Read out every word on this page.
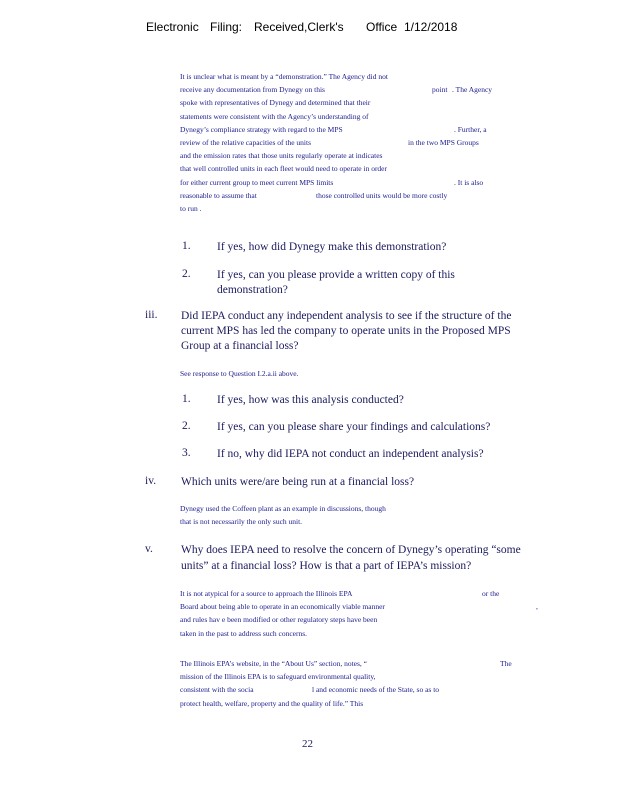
Electronic Filing: Received,Clerk's Office 1/12/2018
It is unclear what is meant by a “demonstration.” The Agency did not
receive any documentation from Dynegy on this	point . The Agency
spoke with representatives of Dynegy and determined that their
statements were consistent with the Agency’s understanding of
Dynegy’s compliance strategy with regard to the MPS	. Further, a
review of the relative capacities of the units	in the two MPS Groups
and the emission rates that those units regularly operate at indicates
that well controlled units in each fleet would need to operate in order
for either current group to meet current MPS limits	. It is also
reasonable to assume that	those controlled units would be more costly
to run .
1. If yes, how did Dynegy make this demonstration?
2. If yes, can you please provide a written copy of this
demonstration?
iii. Did IEPA conduct any independent analysis to see if the structure of the
current MPS has led the company to operate units in the Proposed MPS
Group at a financial loss?
See response to Question I.2.a.ii above.
1. If yes, how was this analysis conducted?
2. If yes, can you please share your findings and calculations?
3. If no, why did IEPA not conduct an independent analysis?
iv. Which units were/are being run at a financial loss?
Dynegy used the Coffeen plant as an example in discussions, though
that is not necessarily the only such unit.
v. Why does IEPA need to resolve the concern of Dynegy’s operating “some
units” at a financial loss? How is that a part of IEPA’s mission?
It is not atypical for a source to approach the Illinois EPA	or the
Board about being able to operate in an economically viable manner	,
and rules hav e been modified or other regulatory steps have been
taken in the past to address such concerns.
The Illinois EPA’s website, in the “About Us” section, notes, “	The
mission of the Illinois EPA is to safeguard environmental quality,
consistent with the socia	l and economic needs of the State, so as to
protect health, welfare, property and the quality of life.” This
22
